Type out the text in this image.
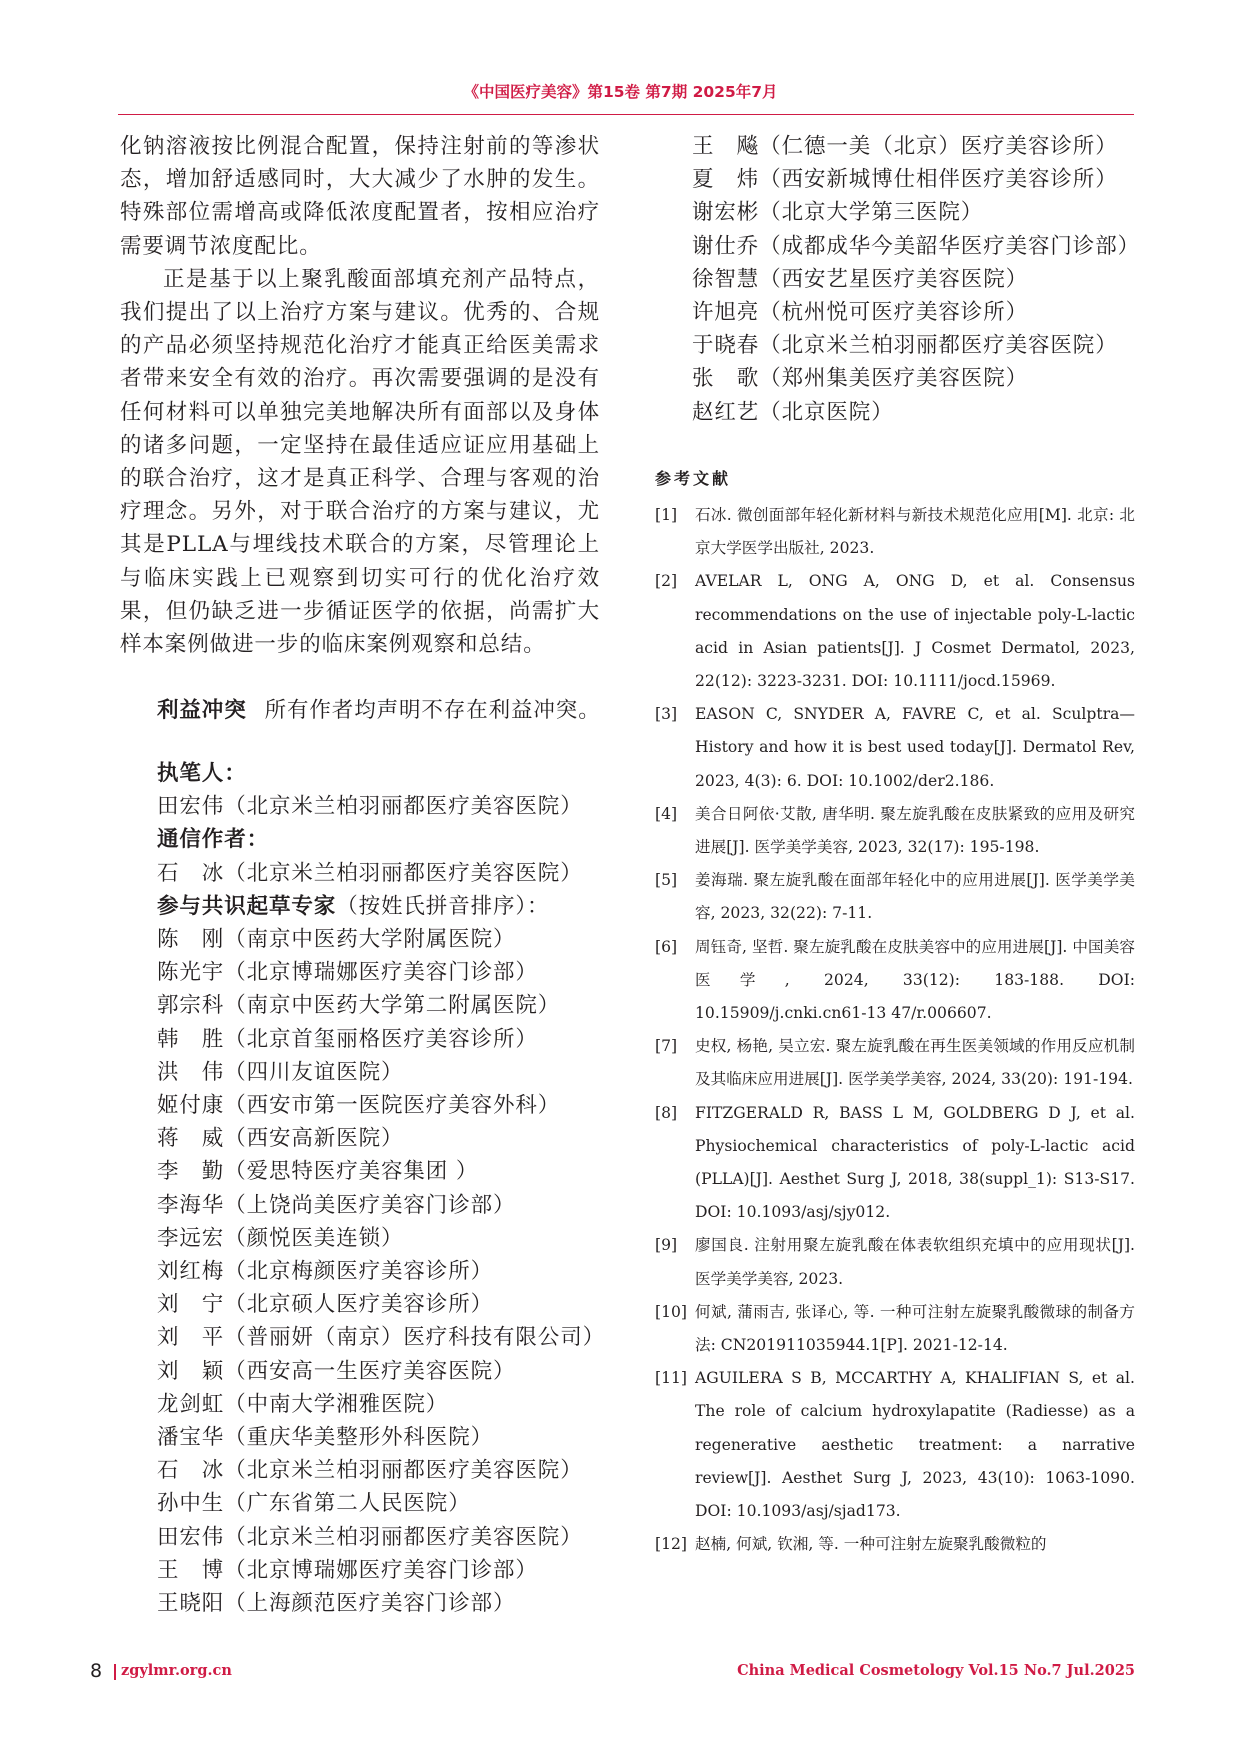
《中国医疗美容》第15卷 第7期 2025年7月

化钠溶液按比例混合配置，保持注射前的等渗状态，增加舒适感同时，大大减少了水肿的发生。特殊部位需增高或降低浓度配置者，按相应治疗需要调节浓度配比。

正是基于以上聚乳酸面部填充剂产品特点，我们提出了以上治疗方案与建议。优秀的、合规的产品必须坚持规范化治疗才能真正给医美需求者带来安全有效的治疗。再次需要强调的是没有任何材料可以单独完美地解决所有面部以及身体的诸多问题，一定坚持在最佳适应证应用基础上的联合治疗，这才是真正科学、合理与客观的治疗理念。另外，对于联合治疗的方案与建议，尤其是PLLA与埋线技术联合的方案，尽管理论上与临床实践上已观察到切实可行的优化治疗效果，但仍缺乏进一步循证医学的依据，尚需扩大样本案例做进一步的临床案例观察和总结。

利益冲突 所有作者均声明不存在利益冲突。
执笔人：
田宏伟（北京米兰柏羽丽都医疗美容医院）
通信作者：
石　冰（北京米兰柏羽丽都医疗美容医院）
参与共识起草专家（按姓氏拼音排序）：
陈　刚（南京中医药大学附属医院）
陈光宇（北京博瑞娜医疗美容门诊部）
郭宗科（南京中医药大学第二附属医院）
韩　胜（北京首玺丽格医疗美容诊所）
洪　伟（四川友谊医院）
姬付康（西安市第一医院医疗美容外科）
蒋　威（西安高新医院）
李　勤（爱思特医疗美容集团 ）
李海华（上饶尚美医疗美容门诊部）
李远宏（颜悦医美连锁）
刘红梅（北京梅颜医疗美容诊所）
刘　宁（北京硕人医疗美容诊所）
刘　平（普丽妍（南京）医疗科技有限公司）
刘　颖（西安高一生医疗美容医院）
龙剑虹（中南大学湘雅医院）
潘宝华（重庆华美整形外科医院）
石　冰（北京米兰柏羽丽都医疗美容医院）
孙中生（广东省第二人民医院）
田宏伟（北京米兰柏羽丽都医疗美容医院）
王　博（北京博瑞娜医疗美容门诊部）
王晓阳（上海颜范医疗美容门诊部）
王　飚（仁德一美（北京）医疗美容诊所）
夏　炜（西安新城博仕相伴医疗美容诊所）
谢宏彬（北京大学第三医院）
谢仕乔（成都成华今美韶华医疗美容门诊部）
徐智慧（西安艺星医疗美容医院）
许旭亮（杭州悦可医疗美容诊所）
于晓春（北京米兰柏羽丽都医疗美容医院）
张　歌（郑州集美医疗美容医院）
赵红艺（北京医院）
参考文献
[1] 石冰. 微创面部年轻化新材料与新技术规范化应用[M]. 北京: 北京大学医学出版社, 2023.
[2] AVELAR L, ONG A, ONG D, et al. Consensus recommendations on the use of injectable poly-L-lactic acid in Asian patients[J]. J Cosmet Dermatol, 2023, 22(12): 3223-3231. DOI: 10.1111/jocd.15969.
[3] EASON C, SNYDER A, FAVRE C, et al. Sculptra—History and how it is best used today[J]. Dermatol Rev, 2023, 4(3): 6. DOI: 10.1002/der2.186.
[4] 美合日阿依·艾散, 唐华明. 聚左旋乳酸在皮肤紧致的应用及研究进展[J]. 医学美学美容, 2023, 32(17): 195-198.
[5] 姜海瑞. 聚左旋乳酸在面部年轻化中的应用进展[J]. 医学美学美容, 2023, 32(22): 7-11.
[6] 周钰奇, 坚哲. 聚左旋乳酸在皮肤美容中的应用进展[J]. 中国美容医学, 2024, 33(12): 183-188. DOI: 10.15909/j.cnki.cn61-13 47/r.006607.
[7] 史权, 杨艳, 吴立宏. 聚左旋乳酸在再生医美领域的作用反应机制及其临床应用进展[J]. 医学美学美容, 2024, 33(20): 191-194.
[8] FITZGERALD R, BASS L M, GOLDBERG D J, et al. Physiochemical characteristics of poly-L-lactic acid (PLLA)[J]. Aesthet Surg J, 2018, 38(suppl_1): S13-S17. DOI: 10.1093/asj/sjy012.
[9] 廖国良. 注射用聚左旋乳酸在体表软组织充填中的应用现状[J]. 医学美学美容, 2023.
[10] 何斌, 蒲雨吉, 张译心, 等. 一种可注射左旋聚乳酸微球的制备方法: CN201911035944.1[P]. 2021-12-14.
[11] AGUILERA S B, MCCARTHY A, KHALIFIAN S, et al. The role of calcium hydroxylapatite (Radiesse) as a regenerative aesthetic treatment: a narrative review[J]. Aesthet Surg J, 2023, 43(10): 1063-1090. DOI: 10.1093/asj/sjad173.
[12] 赵楠, 何斌, 钦湘, 等. 一种可注射左旋聚乳酸微粒的
8 zgylmr.org.cn	China Medical Cosmetology Vol.15 No.7 Jul.2025
